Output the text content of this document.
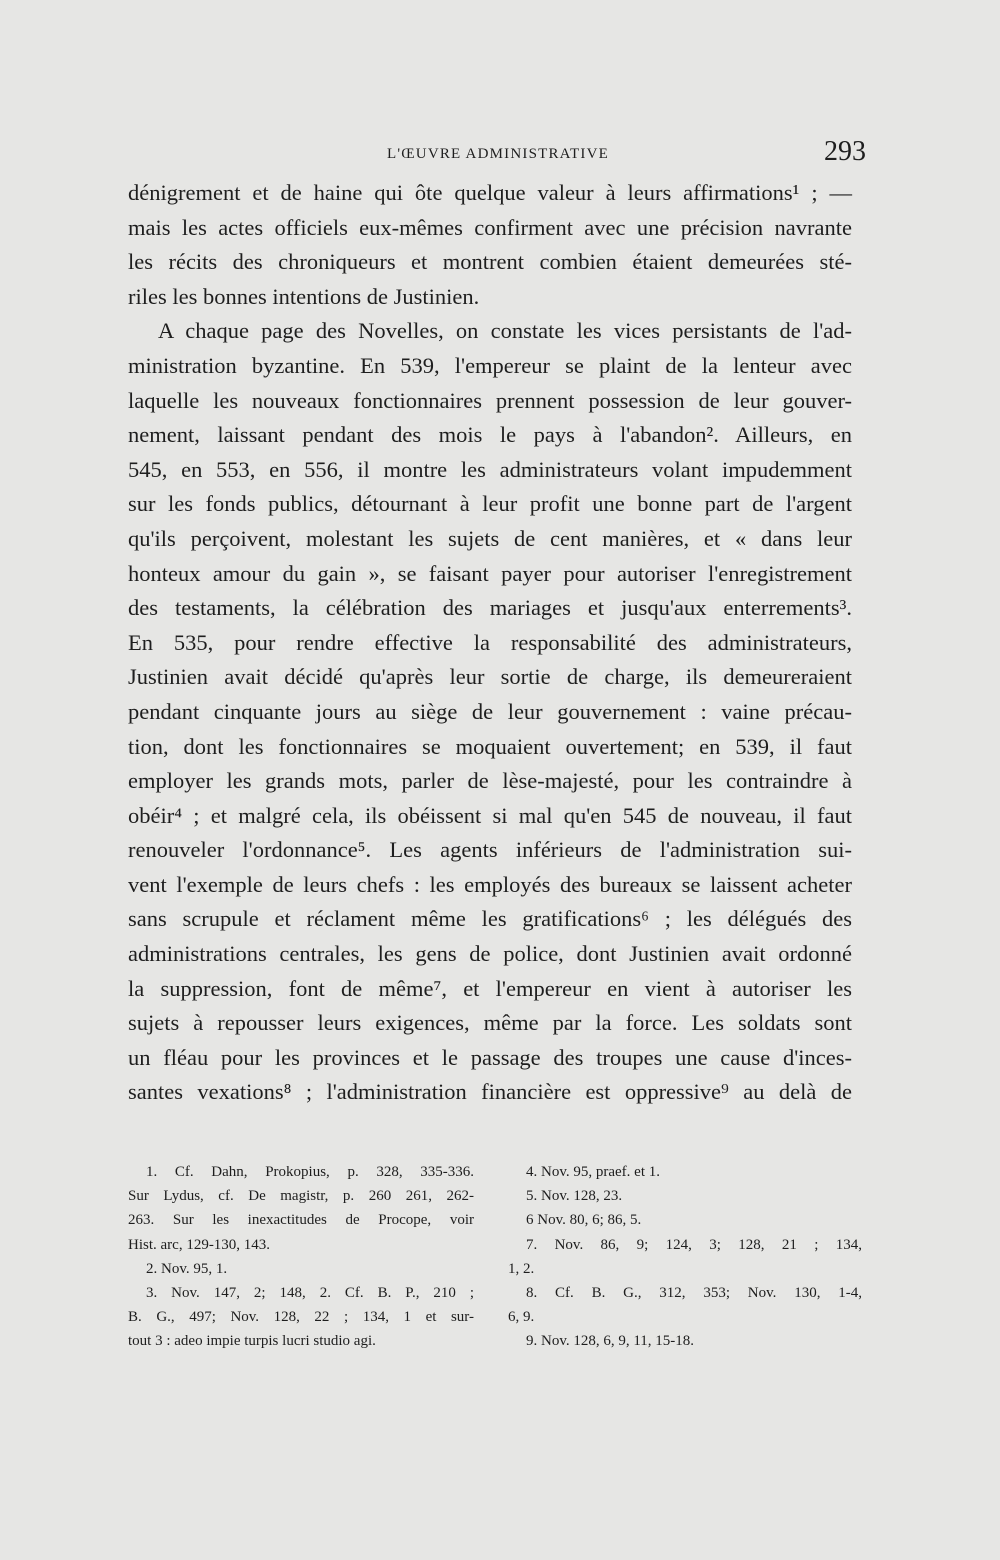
L'ŒUVRE ADMINISTRATIVE	293
dénigrement et de haine qui ôte quelque valeur à leurs affirmations¹ ; —
mais les actes officiels eux-mêmes confirment avec une précision navrante
les récits des chroniqueurs et montrent combien étaient demeurées sté-
riles les bonnes intentions de Justinien.
A chaque page des Novelles, on constate les vices persistants de l'ad-
ministration byzantine. En 539, l'empereur se plaint de la lenteur avec
laquelle les nouveaux fonctionnaires prennent possession de leur gouver-
nement, laissant pendant des mois le pays à l'abandon². Ailleurs, en
545, en 553, en 556, il montre les administrateurs volant impudemment
sur les fonds publics, détournant à leur profit une bonne part de l'argent
qu'ils perçoivent, molestant les sujets de cent manières, et « dans leur
honteux amour du gain », se faisant payer pour autoriser l'enregistrement
des testaments, la célébration des mariages et jusqu'aux enterrements³.
En 535, pour rendre effective la responsabilité des administrateurs,
Justinien avait décidé qu'après leur sortie de charge, ils demeureraient
pendant cinquante jours au siège de leur gouvernement : vaine précau-
tion, dont les fonctionnaires se moquaient ouvertement; en 539, il faut
employer les grands mots, parler de lèse-majesté, pour les contraindre à
obéir⁴ ; et malgré cela, ils obéissent si mal qu'en 545 de nouveau, il faut
renouveler l'ordonnance⁵. Les agents inférieurs de l'administration sui-
vent l'exemple de leurs chefs : les employés des bureaux se laissent acheter
sans scrupule et réclament même les gratifications⁶ ; les délégués des
administrations centrales, les gens de police, dont Justinien avait ordonné
la suppression, font de même⁷, et l'empereur en vient à autoriser les
sujets à repousser leurs exigences, même par la force. Les soldats sont
un fléau pour les provinces et le passage des troupes une cause d'inces-
santes vexations⁸ ; l'administration financière est oppressive⁹ au delà de
1. Cf. Dahn, Prokopius, p. 328, 335-336.
Sur Lydus, cf. De magistr, p. 260 261, 262-
263. Sur les inexactitudes de Procope, voir
Hist. arc, 129-130, 143.
2. Nov. 95, 1.
3. Nov. 147, 2; 148, 2. Cf. B. P., 210 ;
B. G., 497; Nov. 128, 22 ; 134, 1 et sur-
tout 3 : adeo impie turpis lucri studio agi.
4. Nov. 95, praef. et 1.
5. Nov. 128, 23.
6 Nov. 80, 6; 86, 5.
7. Nov. 86, 9; 124, 3; 128, 21 ; 134,
1, 2.
8. Cf. B. G., 312, 353; Nov. 130, 1-4,
6, 9.
9. Nov. 128, 6, 9, 11, 15-18.
